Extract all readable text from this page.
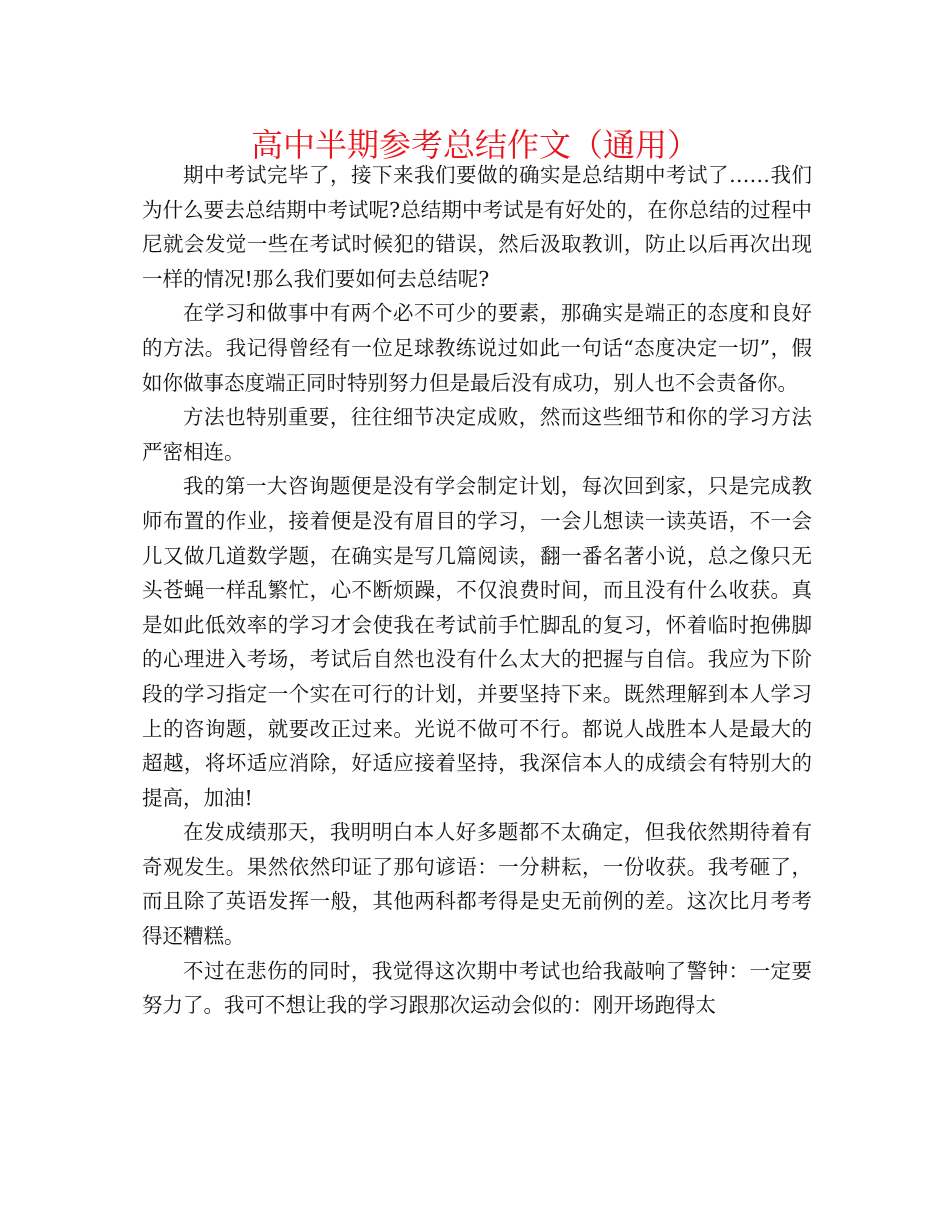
高中半期参考总结作文（通用）

期中考试完毕了，接下来我们要做的确实是总结期中考试了……我们为什么要去总结期中考试呢?总结期中考试是有好处的，在你总结的过程中尼就会发觉一些在考试时候犯的错误，然后汲取教训，防止以后再次出现一样的情况!那么我们要如何去总结呢?

在学习和做事中有两个必不可少的要素，那确实是端正的态度和良好的方法。我记得曾经有一位足球教练说过如此一句话“态度决定一切”，假如你做事态度端正同时特别努力但是最后没有成功，别人也不会责备你。

方法也特别重要，往往细节决定成败，然而这些细节和你的学习方法严密相连。

我的第一大咨询题便是没有学会制定计划，每次回到家，只是完成教师布置的作业，接着便是没有眉目的学习，一会儿想读一读英语，不一会儿又做几道数学题，在确实是写几篇阅读，翻一番名著小说，总之像只无头苍蝇一样乱繁忙，心不断烦躁，不仅浪费时间，而且没有什么收获。真是如此低效率的学习才会使我在考试前手忙脚乱的复习，怀着临时抱佛脚的心理进入考场，考试后自然也没有什么太大的把握与自信。我应为下阶段的学习指定一个实在可行的计划，并要坚持下来。既然理解到本人学习上的咨询题，就要改正过来。光说不做可不行。都说人战胜本人是最大的超越，将坏适应消除，好适应接着坚持，我深信本人的成绩会有特别大的提高，加油!

在发成绩那天，我明明白本人好多题都不太确定，但我依然期待着有奇观发生。果然依然印证了那句谚语：一分耕耘，一份收获。我考砸了，而且除了英语发挥一般，其他两科都考得是史无前例的差。这次比月考考得还糟糕。

不过在悲伤的同时，我觉得这次期中考试也给我敲响了警钟：一定要努力了。我可不想让我的学习跟那次运动会似的：刚开场跑得太
